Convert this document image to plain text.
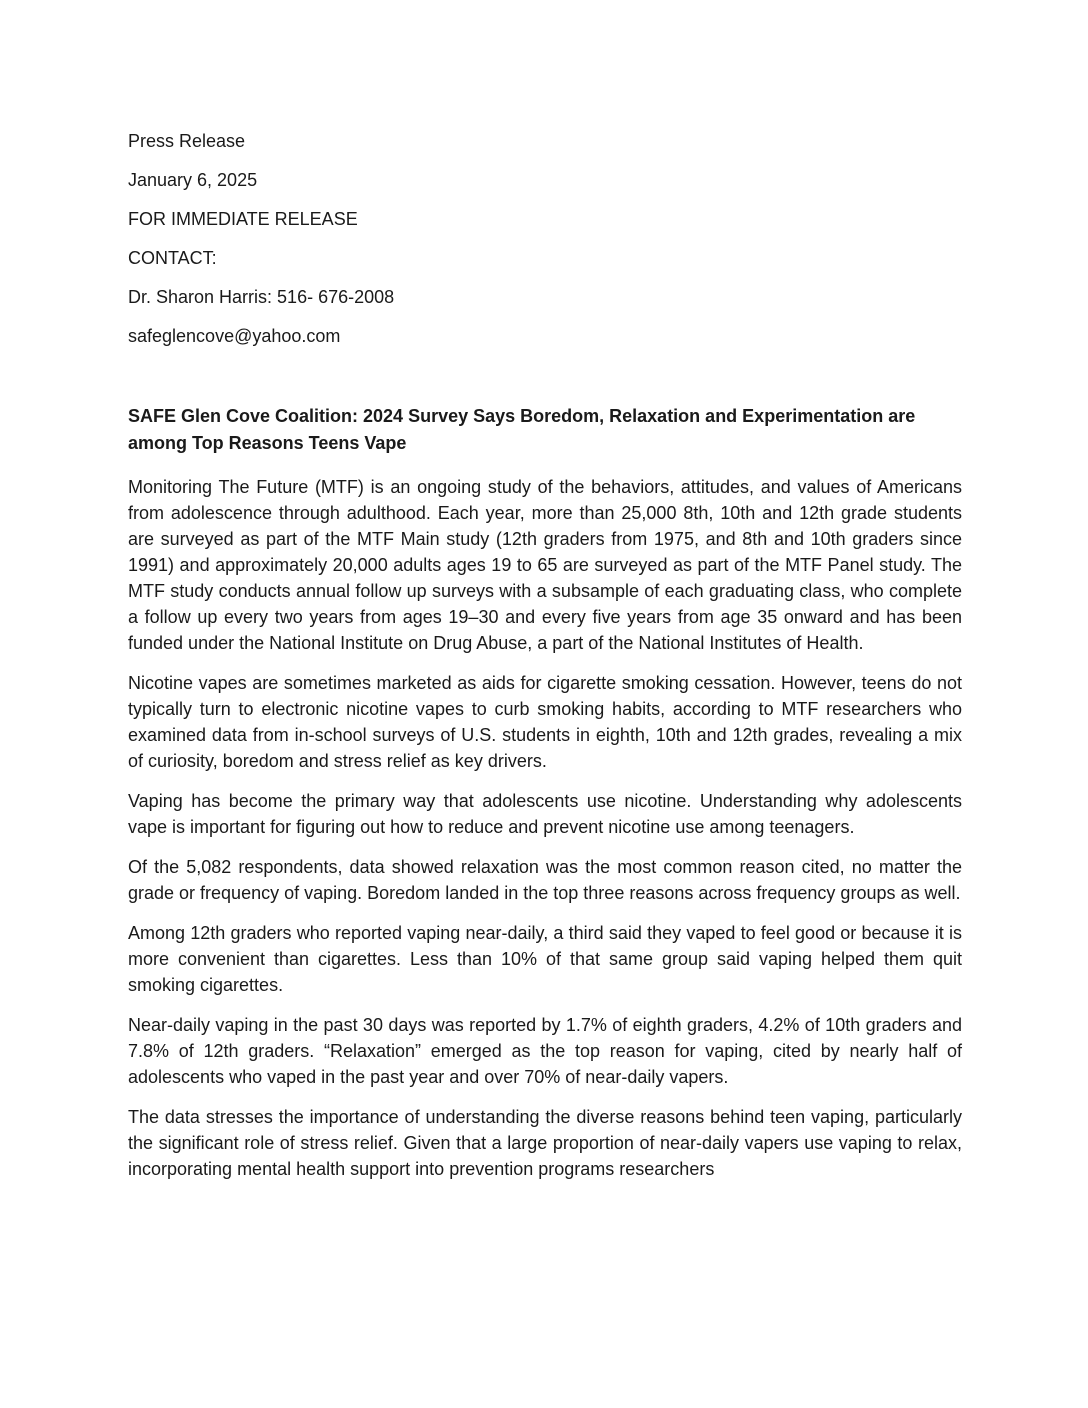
Press Release
January 6, 2025
FOR IMMEDIATE RELEASE
CONTACT:
Dr. Sharon Harris: 516- 676-2008
safeglencove@yahoo.com
SAFE Glen Cove Coalition: 2024 Survey Says Boredom, Relaxation and Experimentation are among Top Reasons Teens Vape

Monitoring The Future (MTF) is an ongoing study of the behaviors, attitudes, and values of Americans from adolescence through adulthood. Each year, more than 25,000 8th, 10th and 12th grade students are surveyed as part of the MTF Main study (12th graders from 1975, and 8th and 10th graders since 1991) and approximately 20,000 adults ages 19 to 65 are surveyed as part of the MTF Panel study. The MTF study conducts annual follow up surveys with a subsample of each graduating class, who complete a follow up every two years from ages 19–30 and every five years from age 35 onward and has been funded under the National Institute on Drug Abuse, a part of the National Institutes of Health.

Nicotine vapes are sometimes marketed as aids for cigarette smoking cessation. However, teens do not typically turn to electronic nicotine vapes to curb smoking habits, according to MTF researchers who examined data from in-school surveys of U.S. students in eighth, 10th and 12th grades, revealing a mix of curiosity, boredom and stress relief as key drivers.

Vaping has become the primary way that adolescents use nicotine. Understanding why adolescents vape is important for figuring out how to reduce and prevent nicotine use among teenagers.

Of the 5,082 respondents, data showed relaxation was the most common reason cited, no matter the grade or frequency of vaping. Boredom landed in the top three reasons across frequency groups as well.

Among 12th graders who reported vaping near-daily, a third said they vaped to feel good or because it is more convenient than cigarettes. Less than 10% of that same group said vaping helped them quit smoking cigarettes.

Near-daily vaping in the past 30 days was reported by 1.7% of eighth graders, 4.2% of 10th graders and 7.8% of 12th graders. “Relaxation” emerged as the top reason for vaping, cited by nearly half of adolescents who vaped in the past year and over 70% of near-daily vapers.

The data stresses the importance of understanding the diverse reasons behind teen vaping, particularly the significant role of stress relief. Given that a large proportion of near-daily vapers use vaping to relax, incorporating mental health support into prevention programs researchers
